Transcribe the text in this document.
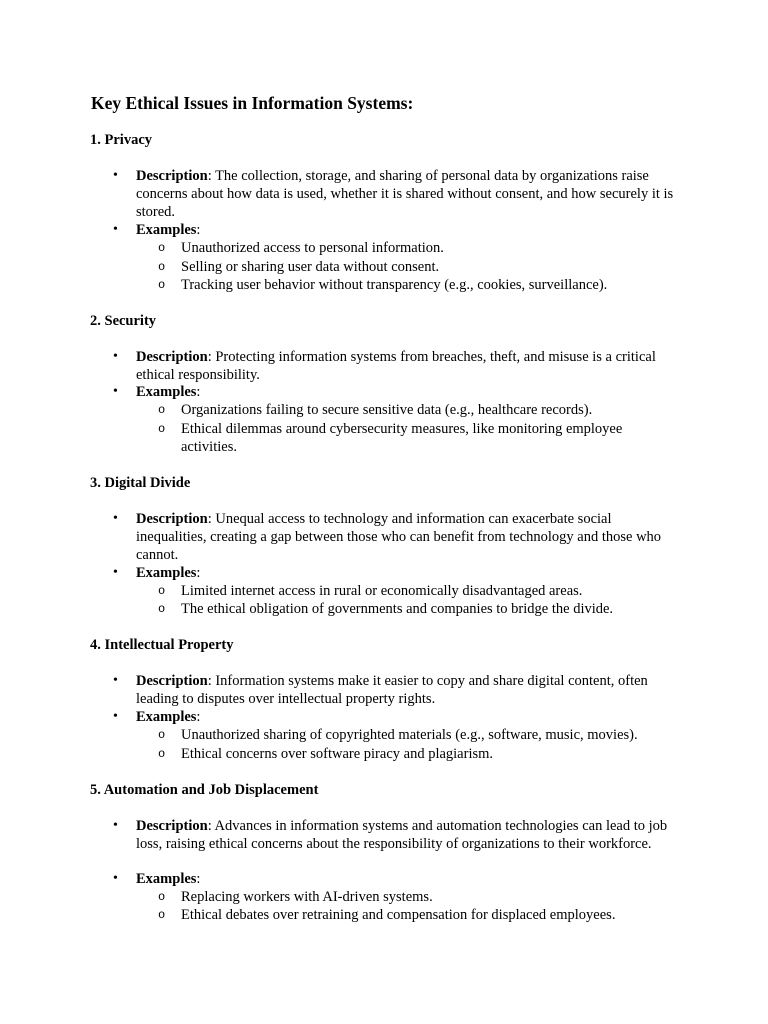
Key Ethical Issues in Information Systems:
1. Privacy
• Description: The collection, storage, and sharing of personal data by organizations raise concerns about how data is used, whether it is shared without consent, and how securely it is stored.
• Examples:
o Unauthorized access to personal information.
o Selling or sharing user data without consent.
o Tracking user behavior without transparency (e.g., cookies, surveillance).
2. Security
• Description: Protecting information systems from breaches, theft, and misuse is a critical ethical responsibility.
• Examples:
o Organizations failing to secure sensitive data (e.g., healthcare records).
o Ethical dilemmas around cybersecurity measures, like monitoring employee activities.
3. Digital Divide
• Description: Unequal access to technology and information can exacerbate social inequalities, creating a gap between those who can benefit from technology and those who cannot.
• Examples:
o Limited internet access in rural or economically disadvantaged areas.
o The ethical obligation of governments and companies to bridge the divide.
4. Intellectual Property
• Description: Information systems make it easier to copy and share digital content, often leading to disputes over intellectual property rights.
• Examples:
o Unauthorized sharing of copyrighted materials (e.g., software, music, movies).
o Ethical concerns over software piracy and plagiarism.
5. Automation and Job Displacement
• Description: Advances in information systems and automation technologies can lead to job loss, raising ethical concerns about the responsibility of organizations to their workforce.
• Examples:
o Replacing workers with AI-driven systems.
o Ethical debates over retraining and compensation for displaced employees.
